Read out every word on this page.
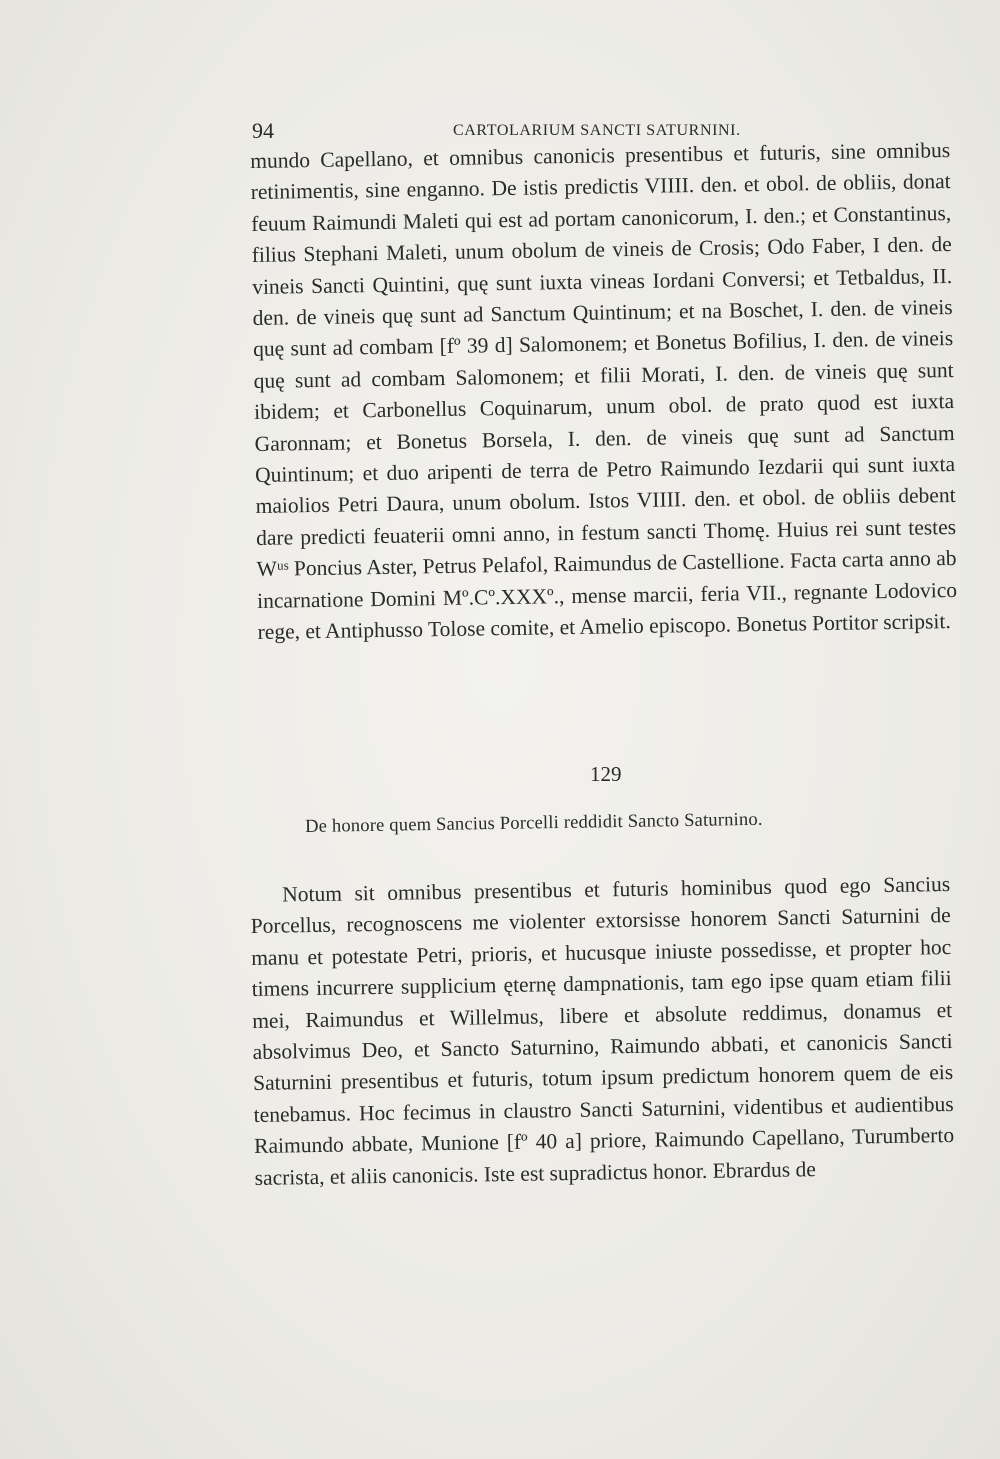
94	CARTOLARIUM SANCTI SATURNINI.

mundo Capellano, et omnibus canonicis presentibus et futuris, sine omnibus retinimentis, sine enganno. De istis predictis VIIII. den. et obol. de obliis, donat feuum Raimundi Maleti qui est ad portam canonicorum, I. den.; et Constantinus, filius Stephani Maleti, unum obolum de vineis de Crosis; Odo Faber, I den. de vineis Sancti Quintini, quę sunt iuxta vineas Iordani Conversi; et Tetbaldus, II. den. de vineis quę sunt ad Sanctum Quintinum; et na Boschet, I. den. de vineis quę sunt ad combam [fº 39 d] Salomonem; et Bonetus Bofilius, I. den. de vineis quę sunt ad combam Salomonem; et filii Morati, I. den. de vineis quę sunt ibidem; et Carbonellus Coquinarum, unum obol. de prato quod est iuxta Garonnam; et Bonetus Borsela, I. den. de vineis quę sunt ad Sanctum Quintinum; et duo aripenti de terra de Petro Raimundo Iezdarii qui sunt iuxta maiolios Petri Daura, unum obolum. Istos VIIII. den. et obol. de obliis debent dare predicti feuaterii omni anno, in festum sancti Thomę. Huius rei sunt testes Wᵘˢ Poncius Aster, Petrus Pelafol, Raimundus de Castellione. Facta carta anno ab incarnatione Domini Mº.Cº.XXXº., mense marcii, feria VII., regnante Lodovico rege, et Antiphusso Tolose comite, et Amelio episcopo. Bonetus Portitor scripsit.

129
De honore quem Sancius Porcelli reddidit Sancto Saturnino.

Notum sit omnibus presentibus et futuris hominibus quod ego Sancius Porcellus, recognoscens me violenter extorsisse honorem Sancti Saturnini de manu et potestate Petri, prioris, et hucusque iniuste possedisse, et propter hoc timens incurrere supplicium ęternę dampnationis, tam ego ipse quam etiam filii mei, Raimundus et Willelmus, libere et absolute reddimus, donamus et absolvimus Deo, et Sancto Saturnino, Raimundo abbati, et canonicis Sancti Saturnini presentibus et futuris, totum ipsum predictum honorem quem de eis tenebamus. Hoc fecimus in claustro Sancti Saturnini, videntibus et audientibus Raimundo abbate, Munione [fº 40 a] priore, Raimundo Capellano, Turumberto sacrista, et aliis canonicis. Iste est supradictus honor. Ebrardus de
